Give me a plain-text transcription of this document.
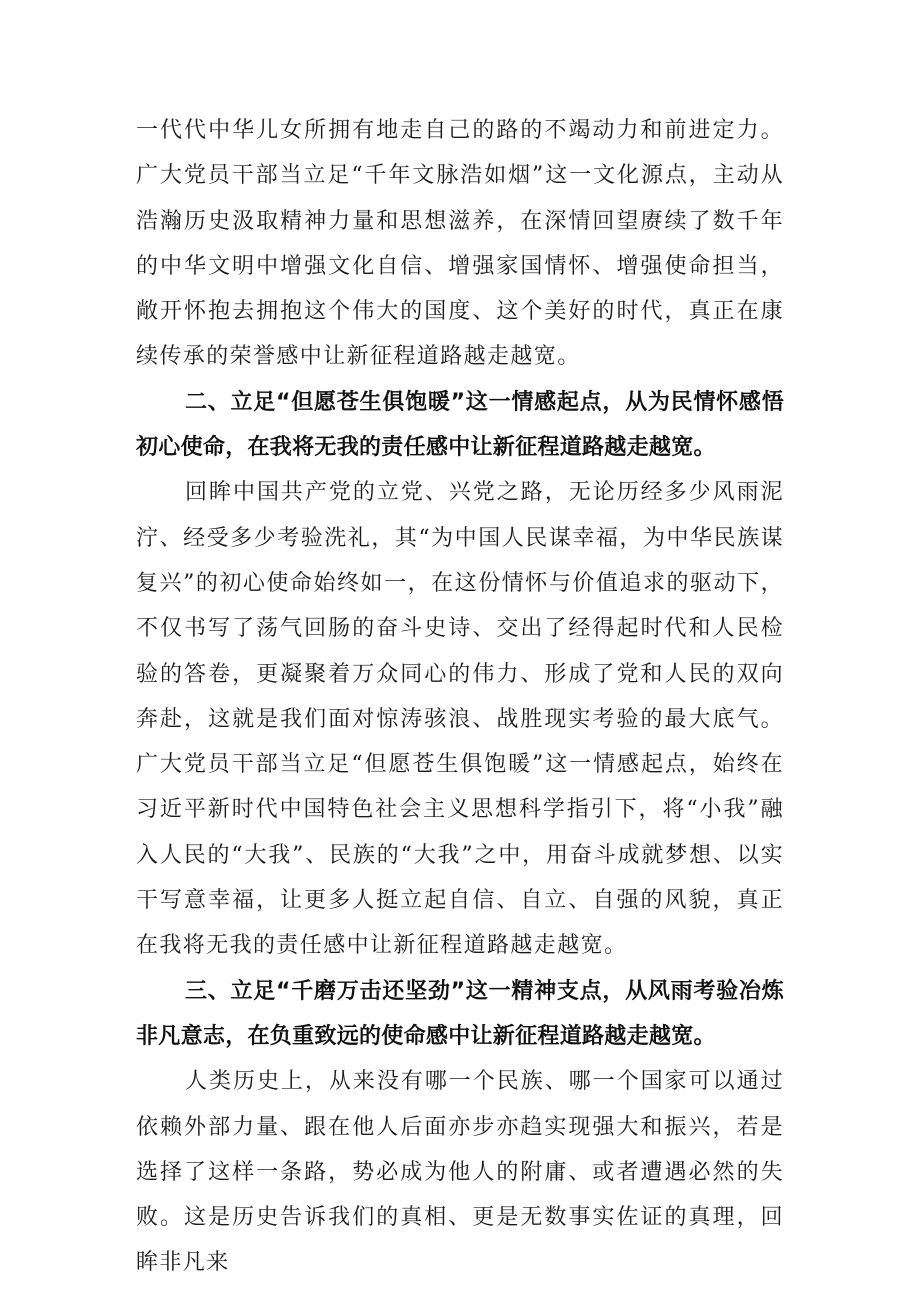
一代代中华儿女所拥有地走自己的路的不竭动力和前进定力。广大党员干部当立足“千年文脉浩如烟”这一文化源点，主动从浩瀚历史汲取精神力量和思想滋养，在深情回望赓续了数千年的中华文明中增强文化自信、增强家国情怀、增强使命担当，敞开怀抱去拥抱这个伟大的国度、这个美好的时代，真正在康续传承的荣誉感中让新征程道路越走越宽。

二、立足“但愿苍生俱饱暖”这一情感起点，从为民情怀感悟初心使命，在我将无我的责任感中让新征程道路越走越宽。

回眸中国共产党的立党、兴党之路，无论历经多少风雨泥泞、经受多少考验洗礼，其“为中国人民谋幸福，为中华民族谋复兴”的初心使命始终如一，在这份情怀与价值追求的驱动下，不仅书写了荡气回肠的奋斗史诗、交出了经得起时代和人民检验的答卷，更凝聚着万众同心的伟力、形成了党和人民的双向奔赴，这就是我们面对惊涛骇浪、战胜现实考验的最大底气。广大党员干部当立足“但愿苍生俱饱暖”这一情感起点，始终在习近平新时代中国特色社会主义思想科学指引下，将“小我”融入人民的“大我”、民族的“大我”之中，用奋斗成就梦想、以实干写意幸福，让更多人挺立起自信、自立、自强的风貌，真正在我将无我的责任感中让新征程道路越走越宽。

三、立足“千磨万击还坚劲”这一精神支点，从风雨考验冶炼非凡意志，在负重致远的使命感中让新征程道路越走越宽。

人类历史上，从来没有哪一个民族、哪一个国家可以通过依赖外部力量、跟在他人后面亦步亦趋实现强大和振兴，若是选择了这样一条路，势必成为他人的附庸、或者遭遇必然的失败。这是历史告诉我们的真相、更是无数事实佐证的真理，回眸非凡来
